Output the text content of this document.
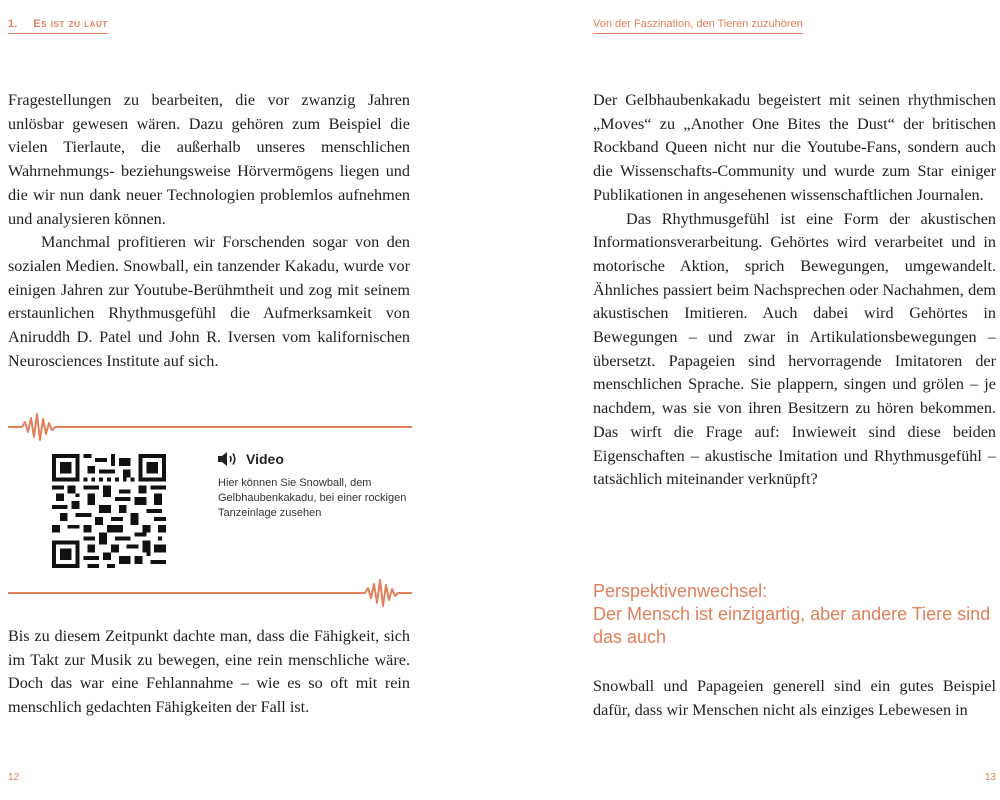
1. Es ist zu laut

Fragestellungen zu bearbeiten, die vor zwanzig Jahren unlösbar gewesen wären. Dazu gehören zum Beispiel die vielen Tierlaute, die außerhalb unseres menschlichen Wahrnehmungs- beziehungsweise Hörvermögens liegen und die wir nun dank neuer Technologien problemlos aufnehmen und analysieren können.

Manchmal profitieren wir Forschenden sogar von den sozialen Medien. Snowball, ein tanzender Kakadu, wurde vor einigen Jahren zur Youtube-Berühmtheit und zog mit seinem erstaunlichen Rhythmusgefühl die Aufmerksamkeit von Aniruddh D. Patel und John R. Iversen vom kalifornischen Neurosciences Institute auf sich.

Video
Hier können Sie Snowball, dem Gelbhaubenkakadu, bei einer rockigen Tanzeinlage zusehen

Bis zu diesem Zeitpunkt dachte man, dass die Fähigkeit, sich im Takt zur Musik zu bewegen, eine rein menschliche wäre. Doch das war eine Fehlannahme – wie es so oft mit rein menschlich gedachten Fähigkeiten der Fall ist.

12
Von der Faszination, den Tieren zuzuhören

Der Gelbhaubenkakadu begeistert mit seinen rhythmischen „Moves“ zu „Another One Bites the Dust“ der britischen Rockband Queen nicht nur die Youtube-Fans, sondern auch die Wissenschafts-Community und wurde zum Star einiger Publikationen in angesehenen wissenschaftlichen Journalen.

Das Rhythmusgefühl ist eine Form der akustischen Informationsverarbeitung. Gehörtes wird verarbeitet und in motorische Aktion, sprich Bewegungen, umgewandelt. Ähnliches passiert beim Nachsprechen oder Nachahmen, dem akustischen Imitieren. Auch dabei wird Gehörtes in Bewegungen – und zwar in Artikulationsbewegungen – übersetzt. Papageien sind hervorragende Imitatoren der menschlichen Sprache. Sie plappern, singen und grölen – je nachdem, was sie von ihren Besitzern zu hören bekommen. Das wirft die Frage auf: Inwieweit sind diese beiden Eigenschaften – akustische Imitation und Rhythmusgefühl – tatsächlich miteinander verknüpft?

Perspektivenwechsel:
Der Mensch ist einzigartig, aber andere Tiere sind das auch

Snowball und Papageien generell sind ein gutes Beispiel dafür, dass wir Menschen nicht als einziges Lebewesen in

13
